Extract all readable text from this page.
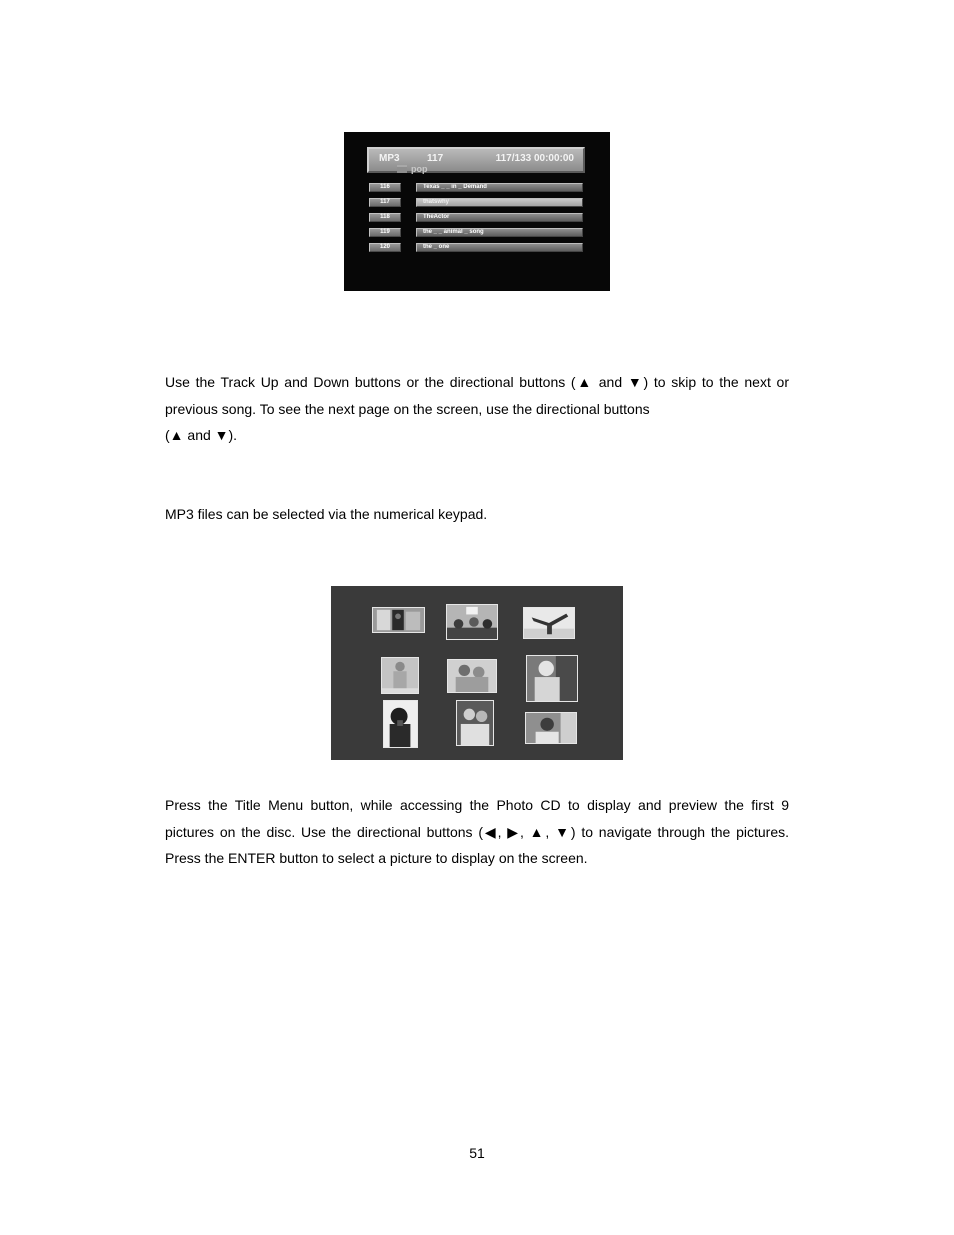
MP3	117	117/133 00:00:00
pop
116	Texas _ _ in _ Demand
117	thatswhy
118	TheActor
119	the _ _ animal _ song
120	the _ one

Use the Track Up and Down buttons or the directional buttons (▲ and ▼) to skip to the next or
previous song. To see the next page on the screen, use the directional buttons
(▲ and ▼).

MP3 files can be selected via the numerical keypad.

Press the Title Menu button, while accessing the Photo CD to display and preview the first 9
pictures on the disc. Use the directional buttons (◀, ▶, ▲, ▼) to navigate through the pictures.
Press the ENTER button to select a picture to display on the screen.

51
